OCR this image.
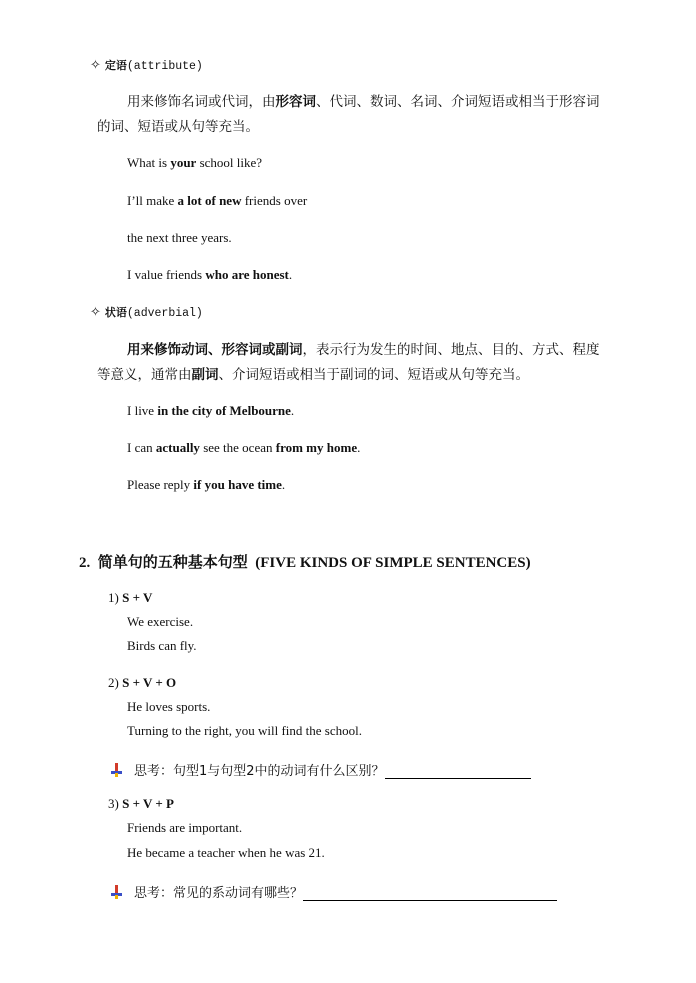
✧ 定语(attribute)
用来修饰名词或代词，由形容词、代词、数词、名词、介词短语或相当于形容词
的词、短语或从句等充当。
What is your school like?
I’ll make a lot of new friends over
the next three years.
I value friends who are honest.
✧ 状语(adverbial)
用来修饰动词、形容词或副词，表示行为发生的时间、地点、目的、方式、程度
等意义，通常由副词、介词短语或相当于副词的词、短语或从句等充当。
I live in the city of Melbourne.
I can actually see the ocean from my home.
Please reply if you have time.
2. 简单句的五种基本句型 (FIVE KINDS OF SIMPLE SENTENCES)
1) S + V
We exercise.
Birds can fly.
2) S + V + O
He loves sports.
Turning to the right, you will find the school.
思考：句型1与句型2中的动词有什么区别？
3) S + V + P
Friends are important.
He became a teacher when he was 21.
思考：常见的系动词有哪些？
